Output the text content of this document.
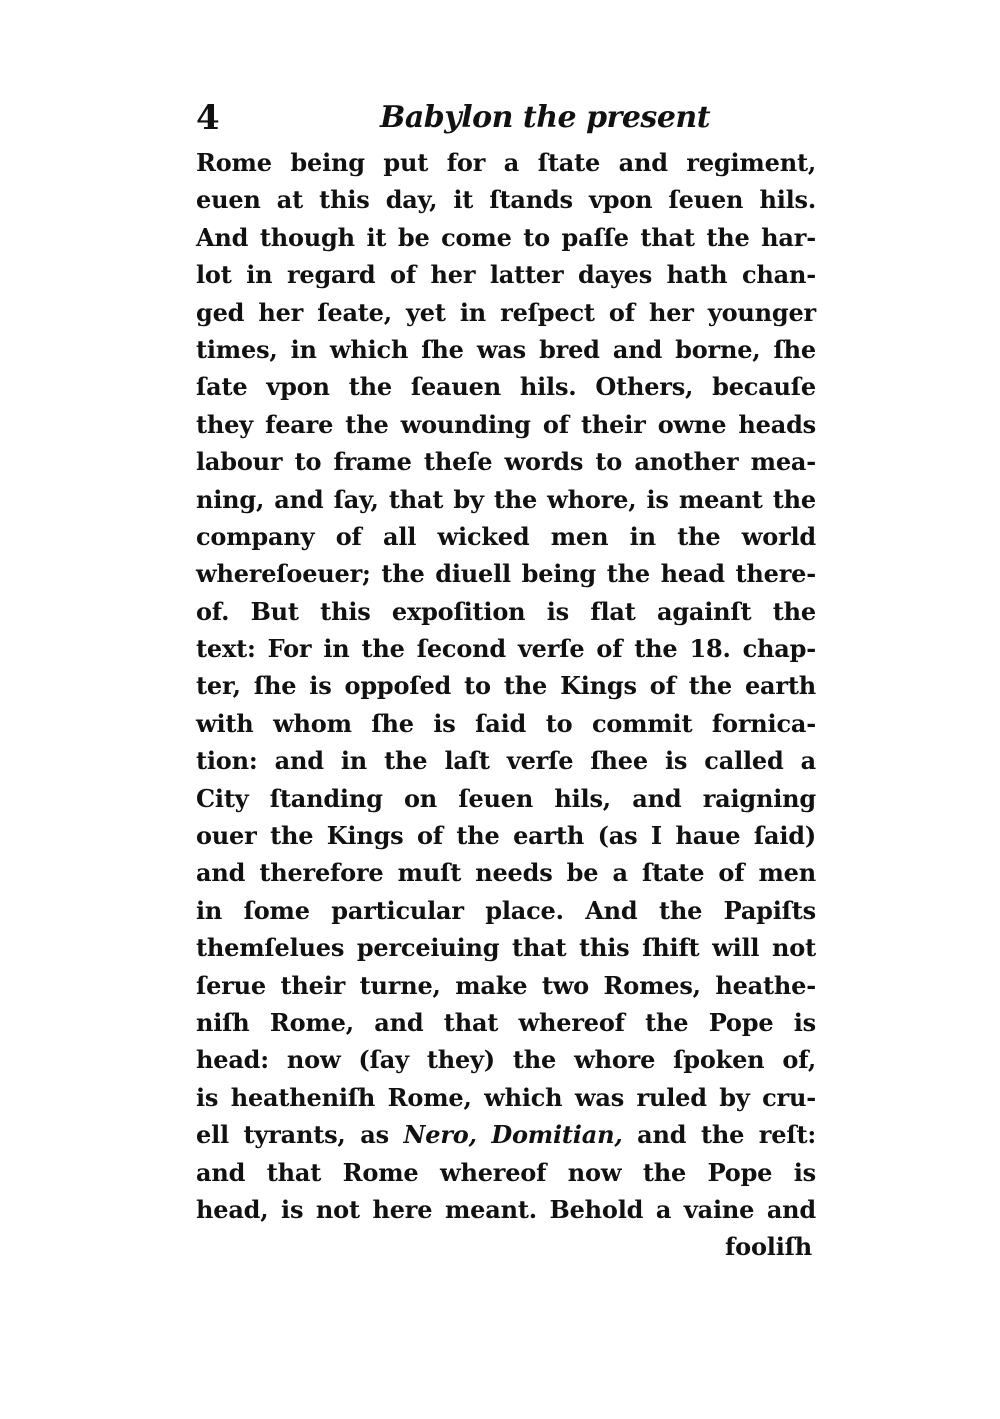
4	Babylon the present
Rome being put for a ſtate and regiment,
euen at this day, it ſtands vpon ſeuen hils.
And though it be come to paſſe that the har-
lot in regard of her latter dayes hath chan-
ged her ſeate, yet in reſpect of her younger
times, in which ſhe was bred and borne, ſhe
ſate vpon the ſeauen hils. Others, becauſe
they feare the wounding of their owne heads
labour to frame theſe words to another mea-
ning, and ſay, that by the whore, is meant the
company of all wicked men in the world
whereſoeuer; the diuell being the head there-
of. But this expoſition is flat againſt the
text: For in the ſecond verſe of the 18. chap-
ter, ſhe is oppoſed to the Kings of the earth
with whom ſhe is ſaid to commit fornica-
tion: and in the laſt verſe ſhee is called a
City ſtanding on ſeuen hils, and raigning
ouer the Kings of the earth (as I haue ſaid)
and therefore muſt needs be a ſtate of men
in ſome particular place. And the Papiſts
themſelues perceiuing that this ſhift will not
ſerue their turne, make two Romes, heathe-
niſh Rome, and that whereof the Pope is
head: now (ſay they) the whore ſpoken of,
is heatheniſh Rome, which was ruled by cru-
ell tyrants, as Nero, Domitian, and the reſt:
and that Rome whereof now the Pope is
head, is not here meant. Behold a vaine and
fooliſh
